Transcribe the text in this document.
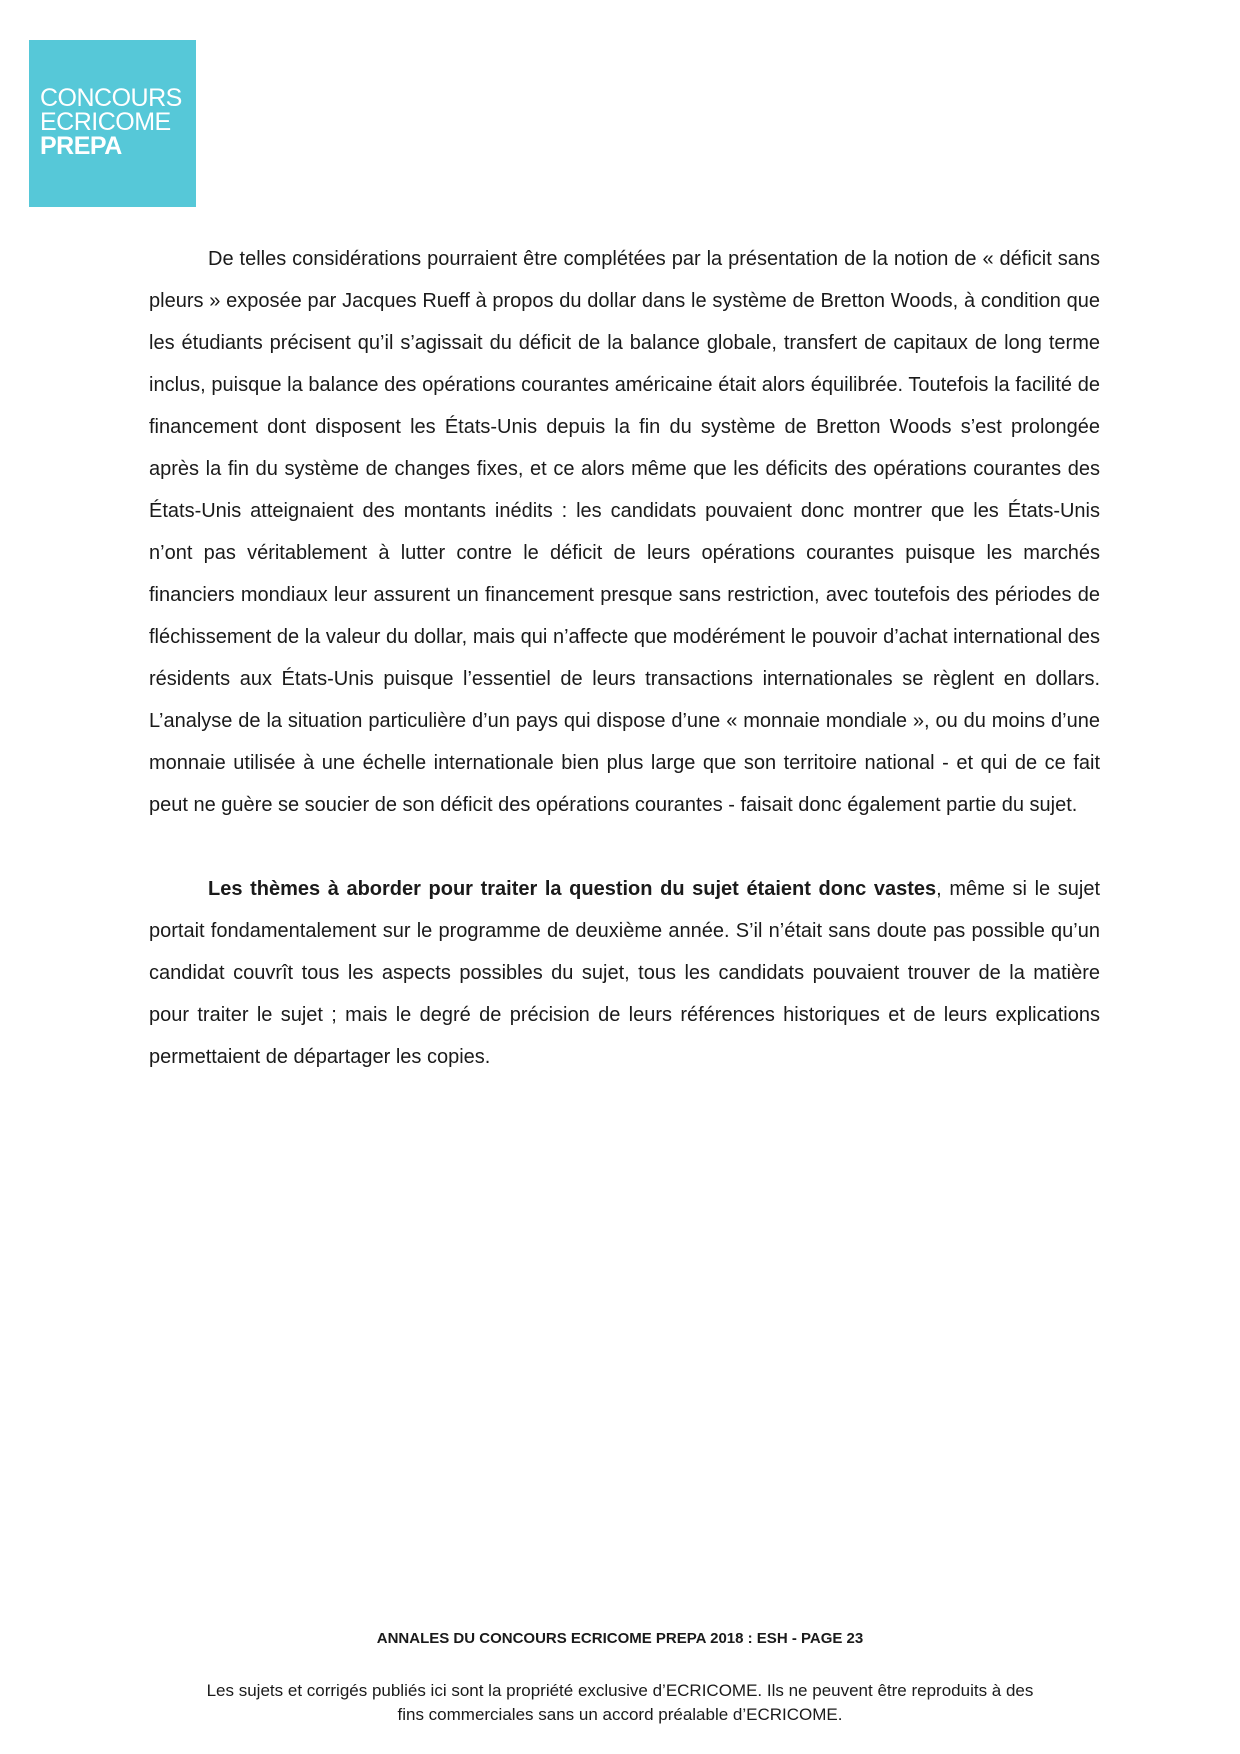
CONCOURS
ECRICOME
PREPA

De telles considérations pourraient être complétées par la présentation de la notion de « déficit sans pleurs » exposée par Jacques Rueff à propos du dollar dans le système de Bretton Woods, à condition que les étudiants précisent qu’il s’agissait du déficit de la balance globale, transfert de capitaux de long terme inclus, puisque la balance des opérations courantes américaine était alors équilibrée. Toutefois la facilité de financement dont disposent les États-Unis depuis la fin du système de Bretton Woods s’est prolongée après la fin du système de changes fixes, et ce alors même que les déficits des opérations courantes des États-Unis atteignaient des montants inédits : les candidats pouvaient donc montrer que les États-Unis n’ont pas véritablement à lutter contre le déficit de leurs opérations courantes puisque les marchés financiers mondiaux leur assurent un financement presque sans restriction, avec toutefois des périodes de fléchissement de la valeur du dollar, mais qui n’affecte que modérément le pouvoir d’achat international des résidents aux États-Unis puisque l’essentiel de leurs transactions internationales se règlent en dollars. L’analyse de la situation particulière d’un pays qui dispose d’une « monnaie mondiale », ou du moins d’une monnaie utilisée à une échelle internationale bien plus large que son territoire national - et qui de ce fait peut ne guère se soucier de son déficit des opérations courantes - faisait donc également partie du sujet.

Les thèmes à aborder pour traiter la question du sujet étaient donc vastes, même si le sujet portait fondamentalement sur le programme de deuxième année. S’il n’était sans doute pas possible qu’un candidat couvrît tous les aspects possibles du sujet, tous les candidats pouvaient trouver de la matière pour traiter le sujet ; mais le degré de précision de leurs références historiques et de leurs explications permettaient de départager les copies.

ANNALES DU CONCOURS ECRICOME PREPA 2018 : ESH - PAGE 23
Les sujets et corrigés publiés ici sont la propriété exclusive d’ECRICOME. Ils ne peuvent être reproduits à des
fins commerciales sans un accord préalable d’ECRICOME.
